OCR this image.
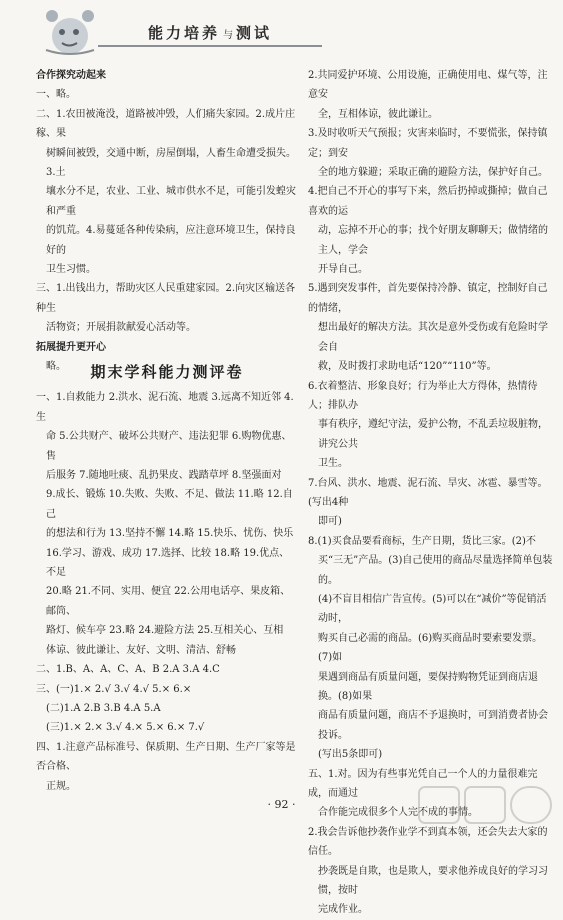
能力培养 与 测试
合作探究动起来
一、略。
二、1.农田被淹没，道路被冲毁，人们痛失家园。2.成片庄稼、果
树瞬间被毁，交通中断，房屋倒塌，人畜生命遭受损失。3.土
壤水分不足，农业、工业、城市供水不足，可能引发蝗灾和严重
的饥荒。4.易蔓延各种传染病，应注意环境卫生，保持良好的
卫生习惯。
三、1.出钱出力，帮助灾区人民重建家园。2.向灾区输送各种生
活物资；开展捐款献爱心活动等。
拓展提升更开心
略。	期末学科能力测评卷
一、1.自救能力 2.洪水、泥石流、地震 3.远离不知近邻 4.生
命 5.公共财产、破坏公共财产、违法犯罪 6.购物优惠、售
后服务 7.随地吐痰、乱扔果皮、践踏草坪 8.坚强面对
9.成长、锻炼 10.失败、失败、不足、做法 11.略 12.自己
的想法和行为 13.坚持不懈 14.略 15.快乐、忧伤、快乐
16.学习、游戏、成功 17.选择、比较 18.略 19.优点、不足
20.略 21.不同、实用、便宜 22.公用电话亭、果皮箱、邮筒、
路灯、候车亭 23.略 24.避险方法 25.互相关心、互相
体谅、彼此谦让、友好、文明、清洁、舒畅
二、1.B、A、A、C、A、B 2.A 3.A 4.C
三、(一)1.× 2.√ 3.√ 4.√ 5.× 6.×
(二)1.A 2.B 3.B 4.A 5.A
(三)1.× 2.× 3.√ 4.× 5.× 6.× 7.√
四、1.注意产品标准号、保质期、生产日期、生产厂家等是否合格、
正规。
2.共同爱护环境、公用设施，正确使用电、煤气等，注意安
全，互相体谅，彼此谦让。
3.及时收听天气预报；灾害来临时，不要慌张，保持镇定；到安
全的地方躲避；采取正确的避险方法，保护好自己。
4.把自己不开心的事写下来，然后扔掉或撕掉；做自己喜欢的运
动，忘掉不开心的事；找个好朋友聊聊天；做情绪的主人，学会
开导自己。
5.遇到突发事件，首先要保持冷静、镇定，控制好自己的情绪，
想出最好的解决方法。其次是意外受伤或有危险时学会自
救，及时拨打求助电话“120”“110”等。
6.衣着整洁、形象良好；行为举止大方得体，热情待人；排队办
事有秩序，遵纪守法，爱护公物，不乱丢垃圾脏物，讲究公共
卫生。
7.台风、洪水、地震、泥石流、旱灾、冰雹、暴雪等。(写出4种
即可)
8.(1)买食品要看商标，生产日期，货比三家。(2)不
买“三无”产品。(3)自己使用的商品尽量选择简单包装的。
(4)不盲目相信广告宣传。(5)可以在“减价”等促销活动时，
购买自己必需的商品。(6)购买商品时要索要发票。(7)如
果遇到商品有质量问题，要保持购物凭证到商店退换。(8)如果
商品有质量问题，商店不予退换时，可到消费者协会投诉。
(写出5条即可)
五、1.对。因为有些事光凭自己一个人的力量很难完成，而通过
合作能完成很多个人完不成的事情。
2.我会告诉他抄袭作业学不到真本领，还会失去大家的信任。
抄袭既是自欺，也是欺人，要求他养成良好的学习习惯，按时
完成作业。
· 92 ·
